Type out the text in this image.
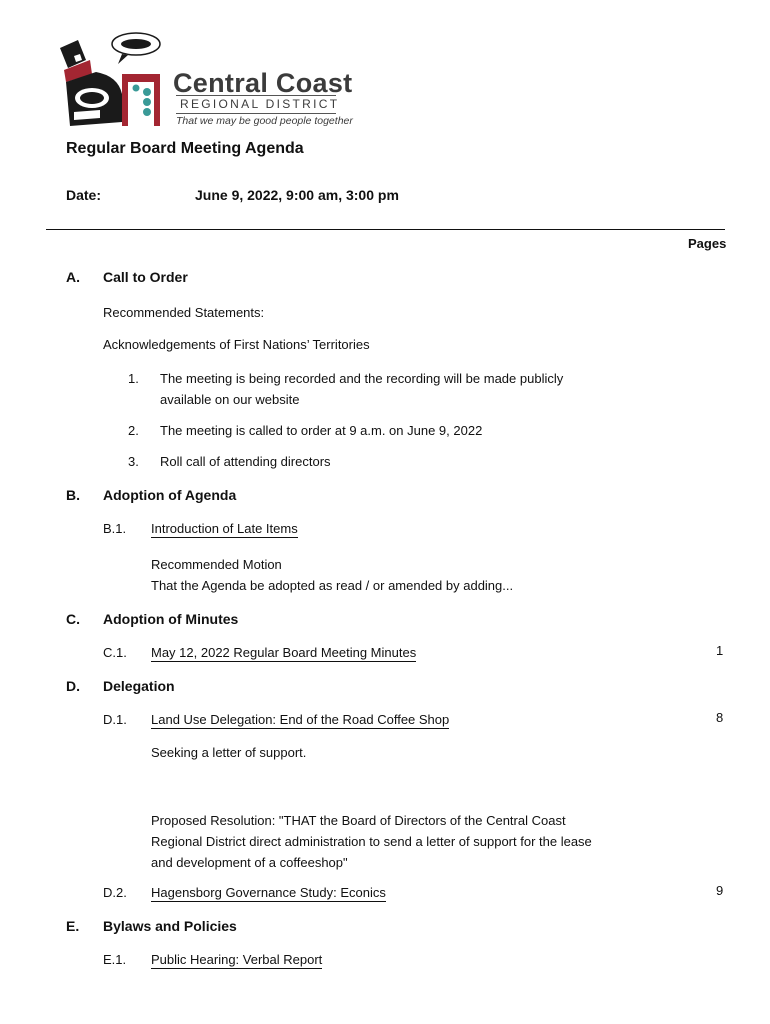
Central Coast
REGIONAL DISTRICT
That we may be good people together
Regular Board Meeting Agenda
Date:	June 9, 2022, 9:00 am, 3:00 pm
Pages
A. Call to Order
Recommended Statements:
Acknowledgements of First Nations’ Territories
1. The meeting is being recorded and the recording will be made publicly
available on our website
2. The meeting is called to order at 9 a.m. on June 9, 2022
3. Roll call of attending directors
B. Adoption of Agenda
B.1. Introduction of Late Items
Recommended Motion
That the Agenda be adopted as read / or amended by adding...
C. Adoption of Minutes
C.1. May 12, 2022 Regular Board Meeting Minutes	1
D. Delegation
D.1. Land Use Delegation: End of the Road Coffee Shop	8
Seeking a letter of support.
Proposed Resolution: "THAT the Board of Directors of the Central Coast
Regional District direct administration to send a letter of support for the lease
and development of a coffeeshop"
D.2. Hagensborg Governance Study: Econics	9
E. Bylaws and Policies
E.1. Public Hearing: Verbal Report
